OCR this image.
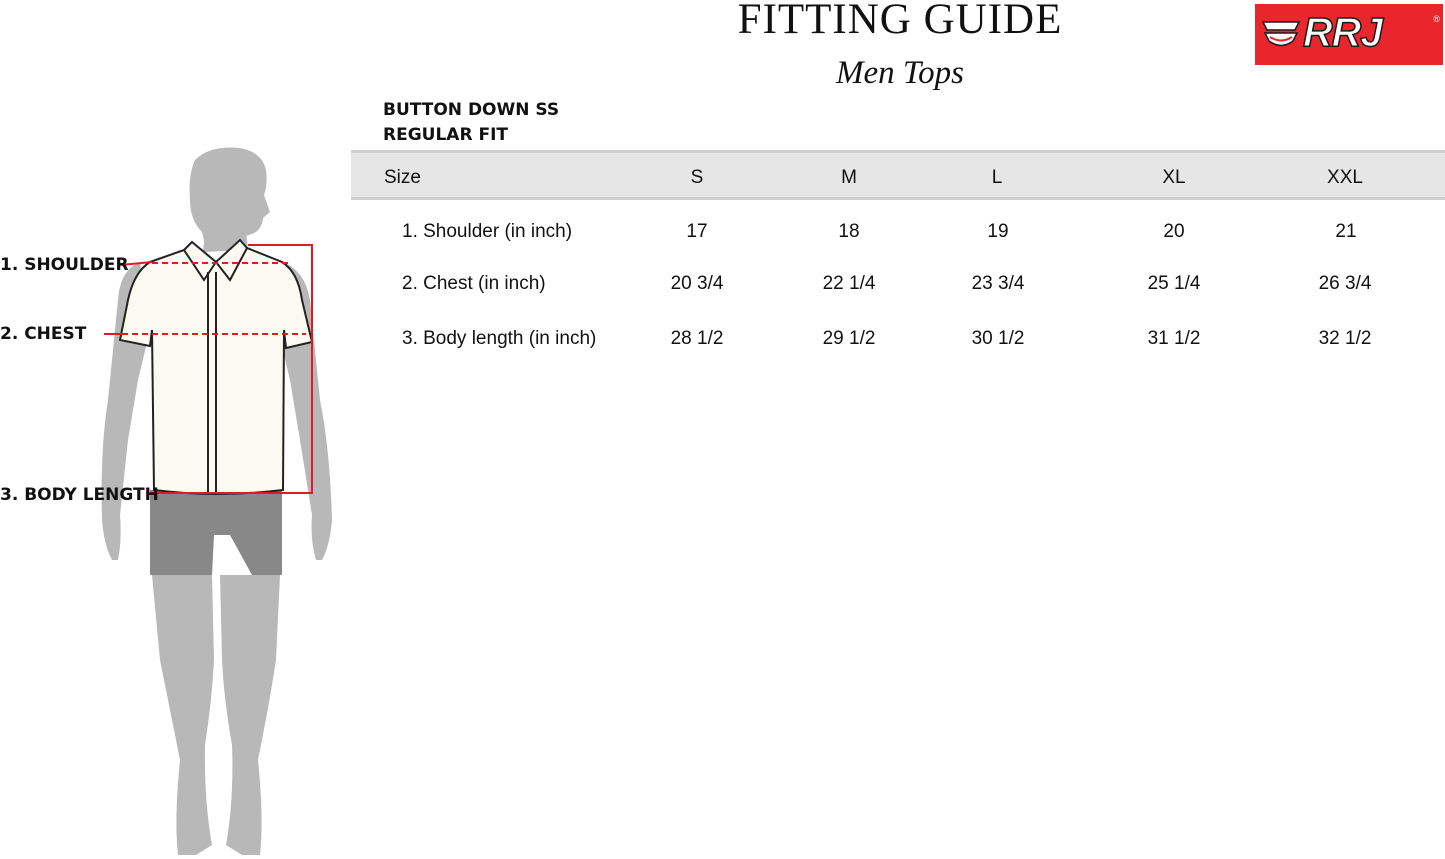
FITTING GUIDE
Men Tops
RRJ	®
BUTTON DOWN SS
REGULAR FIT
1. SHOULDER
2. CHEST
3. BODY LENGTH
Size	S	M	L	XL	XXL
1. Shoulder (in inch)	17	18	19	20	21
2. Chest (in inch)	20 3/4	22 1/4	23 3/4	25 1/4	26 3/4
3. Body length (in inch)	28 1/2	29 1/2	30 1/2	31 1/2	32 1/2
